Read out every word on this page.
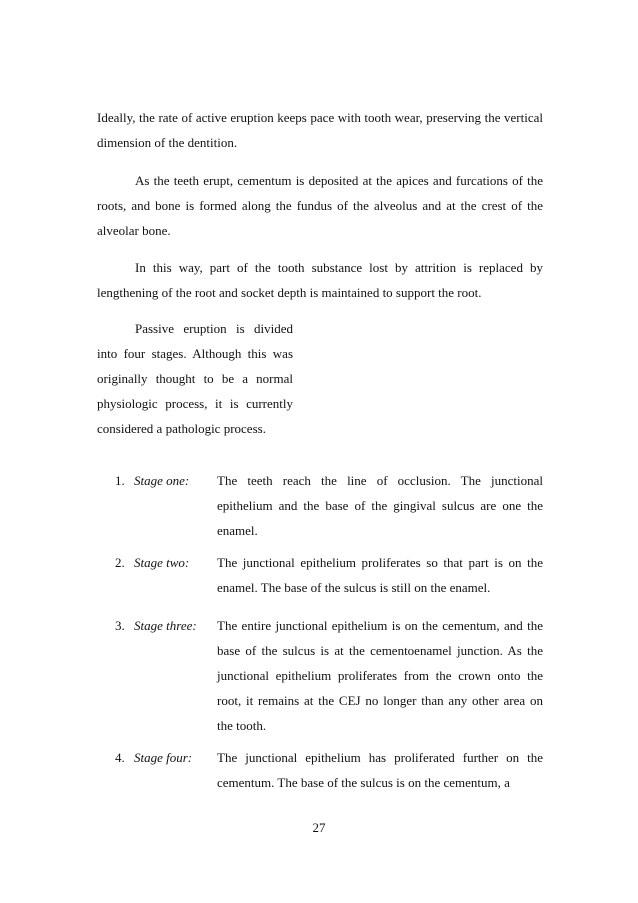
Ideally, the rate of active eruption keeps pace with tooth wear, preserving the vertical dimension of the dentition.

As the teeth erupt, cementum is deposited at the apices and furcations of the roots, and bone is formed along the fundus of the alveolus and at the crest of the alveolar bone.

In this way, part of the tooth substance lost by attrition is replaced by lengthening of the root and socket depth is maintained to support the root.

Passive eruption is divided into four stages. Although this was originally thought to be a normal physiologic process, it is currently considered a pathologic process.

1. Stage one: The teeth reach the line of occlusion. The junctional epithelium and the base of the gingival sulcus are one the enamel.

2. Stage two: The junctional epithelium proliferates so that part is on the enamel. The base of the sulcus is still on the enamel.

3. Stage three: The entire junctional epithelium is on the cementum, and the base of the sulcus is at the cementoenamel junction. As the junctional epithelium proliferates from the crown onto the root, it remains at the CEJ no longer than any other area on the tooth.

4. Stage four: The junctional epithelium has proliferated further on the cementum. The base of the sulcus is on the cementum, a

27
